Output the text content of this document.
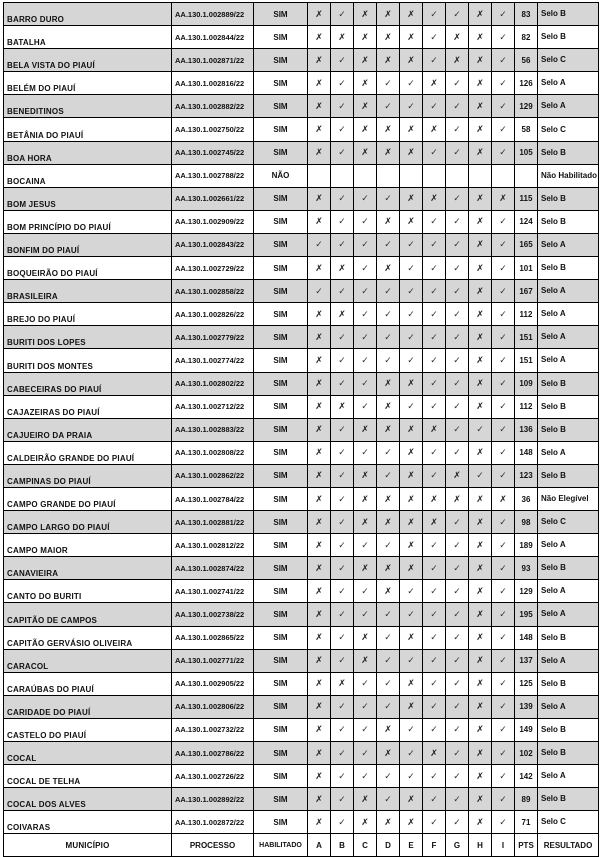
BARRO DURO	AA.130.1.002889/22	SIM	✗	✓	✗	✗	✗	✓	✓	✗	✓	83	Selo B
BATALHA	AA.130.1.002844/22	SIM	✗	✗	✗	✗	✗	✓	✗	✗	✓	82	Selo B
BELA VISTA DO PIAUÍ	AA.130.1.002871/22	SIM	✗	✓	✗	✗	✗	✓	✗	✗	✓	56	Selo C
BELÉM DO PIAUÍ	AA.130.1.002816/22	SIM	✗	✓	✗	✓	✓	✗	✓	✗	✓	126	Selo A
BENEDITINOS	AA.130.1.002882/22	SIM	✗	✓	✗	✓	✓	✓	✓	✗	✓	129	Selo A
BETÂNIA DO PIAUÍ	AA.130.1.002750/22	SIM	✗	✓	✗	✗	✗	✗	✓	✗	✓	58	Selo C
BOA HORA	AA.130.1.002745/22	SIM	✗	✓	✗	✗	✗	✓	✓	✗	✓	105	Selo B
BOCAINA	AA.130.1.002788/22	NÃO											Não Habilitado
BOM JESUS	AA.130.1.002661/22	SIM	✗	✓	✓	✓	✗	✗	✓	✗	✗	115	Selo B
BOM PRINCÍPIO DO PIAUÍ	AA.130.1.002909/22	SIM	✗	✓	✓	✗	✗	✓	✓	✗	✓	124	Selo B
BONFIM DO PIAUÍ	AA.130.1.002843/22	SIM	✓	✓	✓	✓	✓	✓	✓	✗	✓	165	Selo A
BOQUEIRÃO DO PIAUÍ	AA.130.1.002729/22	SIM	✗	✗	✓	✗	✓	✓	✓	✗	✓	101	Selo B
BRASILEIRA	AA.130.1.002858/22	SIM	✓	✓	✓	✓	✓	✓	✓	✗	✓	167	Selo A
BREJO DO PIAUÍ	AA.130.1.002826/22	SIM	✗	✗	✓	✓	✓	✓	✓	✗	✓	112	Selo A
BURITI DOS LOPES	AA.130.1.002779/22	SIM	✗	✓	✓	✓	✓	✓	✓	✗	✓	151	Selo A
BURITI DOS MONTES	AA.130.1.002774/22	SIM	✗	✓	✓	✓	✓	✓	✓	✗	✓	151	Selo A
CABECEIRAS DO PIAUÍ	AA.130.1.002802/22	SIM	✗	✓	✓	✗	✗	✓	✓	✗	✓	109	Selo B
CAJAZEIRAS DO PIAUÍ	AA.130.1.002712/22	SIM	✗	✗	✓	✗	✓	✓	✓	✗	✓	112	Selo B
CAJUEIRO DA PRAIA	AA.130.1.002883/22	SIM	✗	✓	✗	✗	✗	✗	✓	✓	✓	136	Selo B
CALDEIRÃO GRANDE DO PIAUÍ	AA.130.1.002808/22	SIM	✗	✓	✓	✓	✗	✓	✓	✗	✓	148	Selo A
CAMPINAS DO PIAUÍ	AA.130.1.002862/22	SIM	✗	✓	✗	✓	✗	✓	✗	✓	✓	123	Selo B
CAMPO GRANDE DO PIAUÍ	AA.130.1.002784/22	SIM	✗	✓	✗	✗	✗	✗	✗	✗	✗	36	Não Elegível
CAMPO LARGO DO PIAUÍ	AA.130.1.002881/22	SIM	✗	✓	✗	✗	✗	✗	✓	✗	✓	98	Selo C
CAMPO MAIOR	AA.130.1.002812/22	SIM	✗	✓	✓	✓	✗	✓	✓	✗	✓	189	Selo A
CANAVIEIRA	AA.130.1.002874/22	SIM	✗	✓	✗	✗	✗	✓	✓	✗	✓	93	Selo B
CANTO DO BURITI	AA.130.1.002741/22	SIM	✗	✓	✓	✗	✓	✓	✓	✗	✓	129	Selo A
CAPITÃO DE CAMPOS	AA.130.1.002738/22	SIM	✗	✓	✓	✓	✓	✓	✓	✗	✓	195	Selo A
CAPITÃO GERVÁSIO OLIVEIRA	AA.130.1.002865/22	SIM	✗	✓	✗	✓	✗	✓	✓	✗	✓	148	Selo B
CARACOL	AA.130.1.002771/22	SIM	✗	✓	✗	✓	✓	✓	✓	✗	✓	137	Selo A
CARAÚBAS DO PIAUÍ	AA.130.1.002905/22	SIM	✗	✗	✓	✓	✗	✓	✓	✗	✓	125	Selo B
CARIDADE DO PIAUÍ	AA.130.1.002806/22	SIM	✗	✓	✓	✓	✗	✓	✓	✗	✓	139	Selo A
CASTELO DO PIAUÍ	AA.130.1.002732/22	SIM	✗	✓	✓	✗	✓	✓	✓	✗	✓	149	Selo B
COCAL	AA.130.1.002786/22	SIM	✗	✓	✓	✗	✓	✗	✓	✗	✓	102	Selo B
COCAL DE TELHA	AA.130.1.002726/22	SIM	✗	✓	✓	✓	✓	✓	✓	✗	✓	142	Selo A
COCAL DOS ALVES	AA.130.1.002892/22	SIM	✗	✓	✗	✓	✗	✓	✓	✗	✓	89	Selo B
COIVARAS	AA.130.1.002872/22	SIM	✗	✓	✗	✗	✗	✓	✓	✗	✓	71	Selo C
MUNICÍPIO	PROCESSO	HABILITADO	A	B	C	D	E	F	G	H	I	PTS	RESULTADO
